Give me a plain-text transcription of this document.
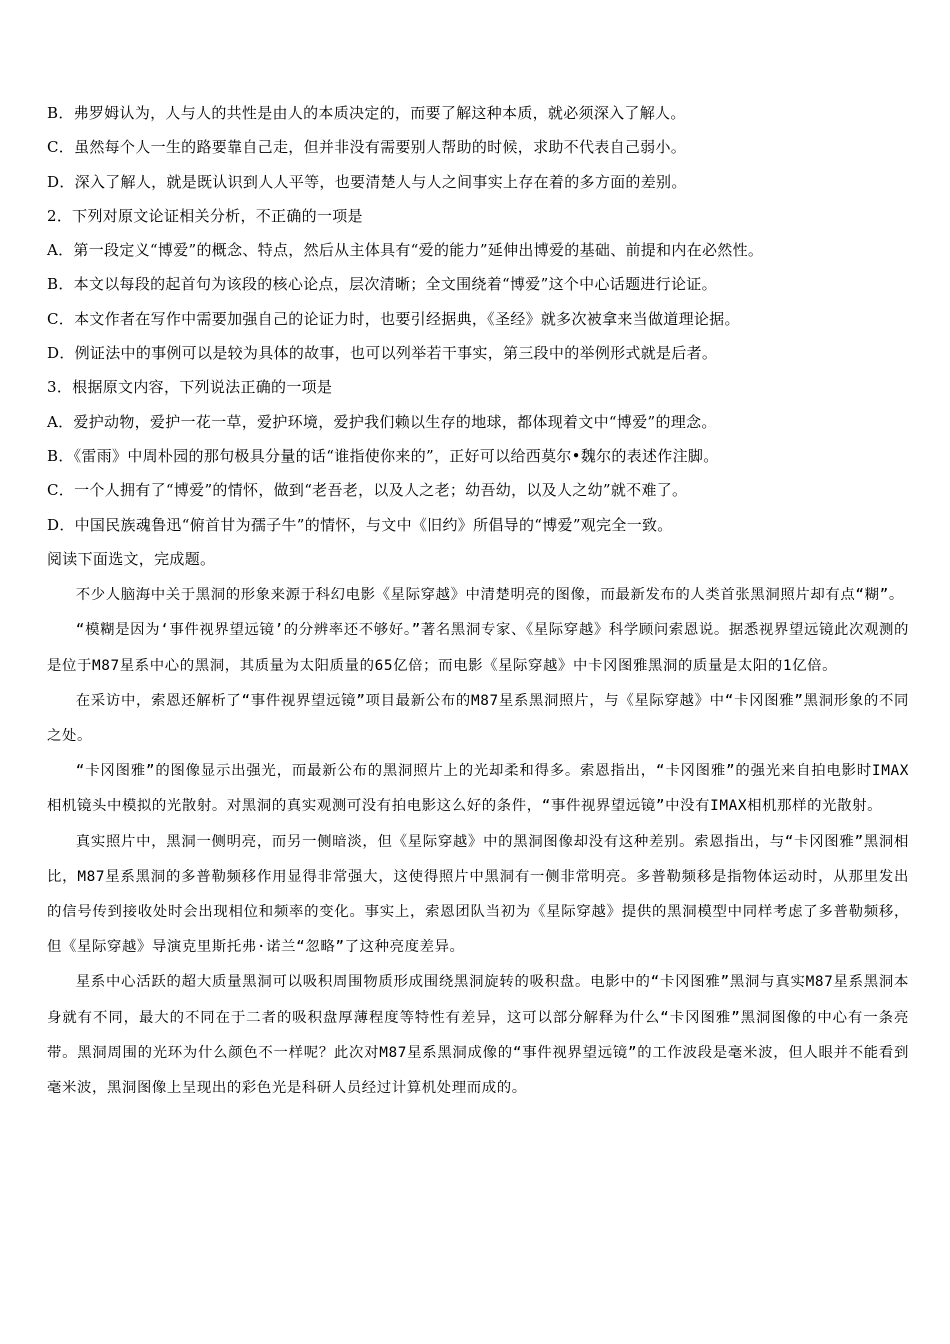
B．弗罗姆认为，人与人的共性是由人的本质决定的，而要了解这种本质，就必须深入了解人。
C．虽然每个人一生的路要靠自己走，但并非没有需要别人帮助的时候，求助不代表自己弱小。
D．深入了解人，就是既认识到人人平等，也要清楚人与人之间事实上存在着的多方面的差别。
2．下列对原文论证相关分析，不正确的一项是
A．第一段定义“博爱”的概念、特点，然后从主体具有“爱的能力”延伸出博爱的基础、前提和内在必然性。
B．本文以每段的起首句为该段的核心论点，层次清晰；全文围绕着“博爱”这个中心话题进行论证。
C．本文作者在写作中需要加强自己的论证力时，也要引经据典，《圣经》就多次被拿来当做道理论据。
D．例证法中的事例可以是较为具体的故事，也可以列举若干事实，第三段中的举例形式就是后者。
3．根据原文内容，下列说法正确的一项是
A．爱护动物，爱护一花一草，爱护环境，爱护我们赖以生存的地球，都体现着文中“博爱”的理念。
B．《雷雨》中周朴园的那句极具分量的话“谁指使你来的”，正好可以给西莫尔•魏尔的表述作注脚。
C．一个人拥有了“博爱”的情怀，做到“老吾老，以及人之老；幼吾幼，以及人之幼”就不难了。
D．中国民族魂鲁迅“俯首甘为孺子牛”的情怀，与文中《旧约》所倡导的“博爱”观完全一致。
阅读下面选文，完成题。

不少人脑海中关于黑洞的形象来源于科幻电影《星际穿越》中清楚明亮的图像，而最新发布的人类首张黑洞照片却有点“糊”。

“模糊是因为‘事件视界望远镜’的分辨率还不够好。”著名黑洞专家、《星际穿越》科学顾问索恩说。据悉视界望远镜此次观测的是位于M87星系中心的黑洞，其质量为太阳质量的65亿倍；而电影《星际穿越》中卡冈图雅黑洞的质量是太阳的1亿倍。

在采访中，索恩还解析了“事件视界望远镜”项目最新公布的M87星系黑洞照片，与《星际穿越》中“卡冈图雅”黑洞形象的不同之处。

“卡冈图雅”的图像显示出强光，而最新公布的黑洞照片上的光却柔和得多。索恩指出，“卡冈图雅”的强光来自拍电影时IMAX相机镜头中模拟的光散射。对黑洞的真实观测可没有拍电影这么好的条件，“事件视界望远镜”中没有IMAX相机那样的光散射。

真实照片中，黑洞一侧明亮，而另一侧暗淡，但《星际穿越》中的黑洞图像却没有这种差别。索恩指出，与“卡冈图雅”黑洞相比，M87星系黑洞的多普勒频移作用显得非常强大，这使得照片中黑洞有一侧非常明亮。多普勒频移是指物体运动时，从那里发出的信号传到接收处时会出现相位和频率的变化。事实上，索恩团队当初为《星际穿越》提供的黑洞模型中同样考虑了多普勒频移，但《星际穿越》导演克里斯托弗·诺兰“忽略”了这种亮度差异。

星系中心活跃的超大质量黑洞可以吸积周围物质形成围绕黑洞旋转的吸积盘。电影中的“卡冈图雅”黑洞与真实M87星系黑洞本身就有不同，最大的不同在于二者的吸积盘厚薄程度等特性有差异，这可以部分解释为什么“卡冈图雅”黑洞图像的中心有一条亮带。黑洞周围的光环为什么颜色不一样呢？此次对M87星系黑洞成像的“事件视界望远镜”的工作波段是毫米波，但人眼并不能看到毫米波，黑洞图像上呈现出的彩色光是科研人员经过计算机处理而成的。
